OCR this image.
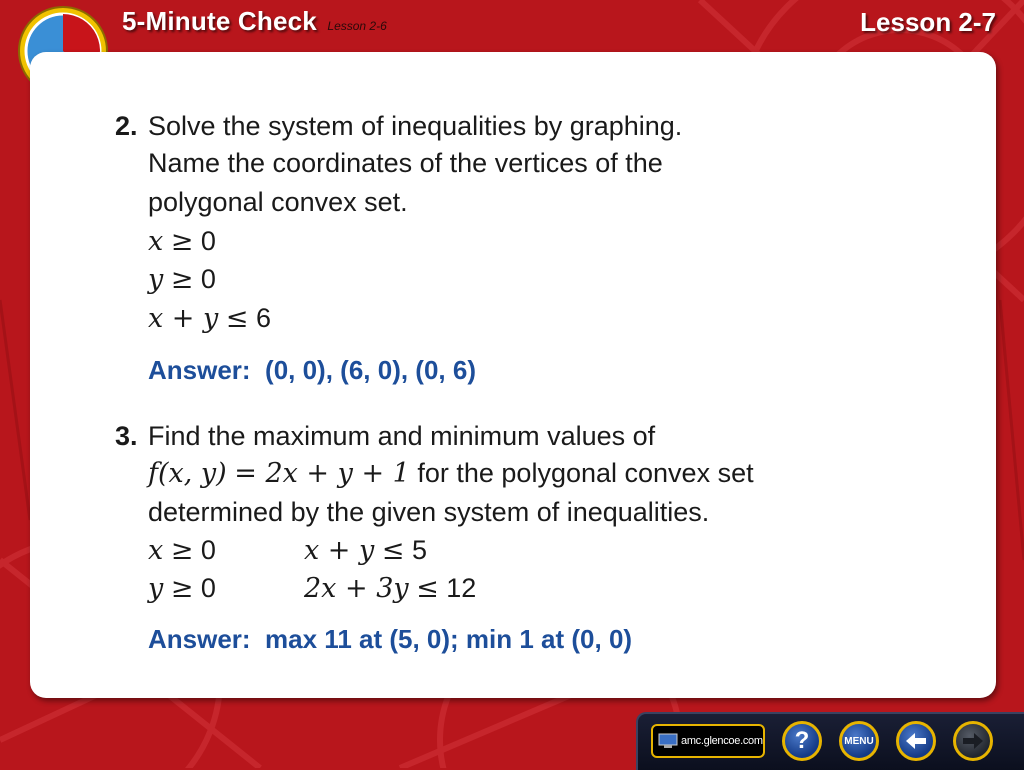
5-Minute Check Lesson 2-6	Lesson 2-7
2. Solve the system of inequalities by graphing.
Name the coordinates of the vertices of the
polygonal convex set.
x ≥ 0
y ≥ 0
x + y ≤ 6
Answer: (0, 0), (6, 0), (0, 6)
3. Find the maximum and minimum values of
f(x, y) = 2x + y + 1 for the polygonal convex set
determined by the given system of inequalities.
x ≥ 0	x + y ≤ 5
y ≥ 0	2x + 3y ≤ 12
Answer: max 11 at (5, 0); min 1 at (0, 0)
amc.glencoe.com ?	MENU
